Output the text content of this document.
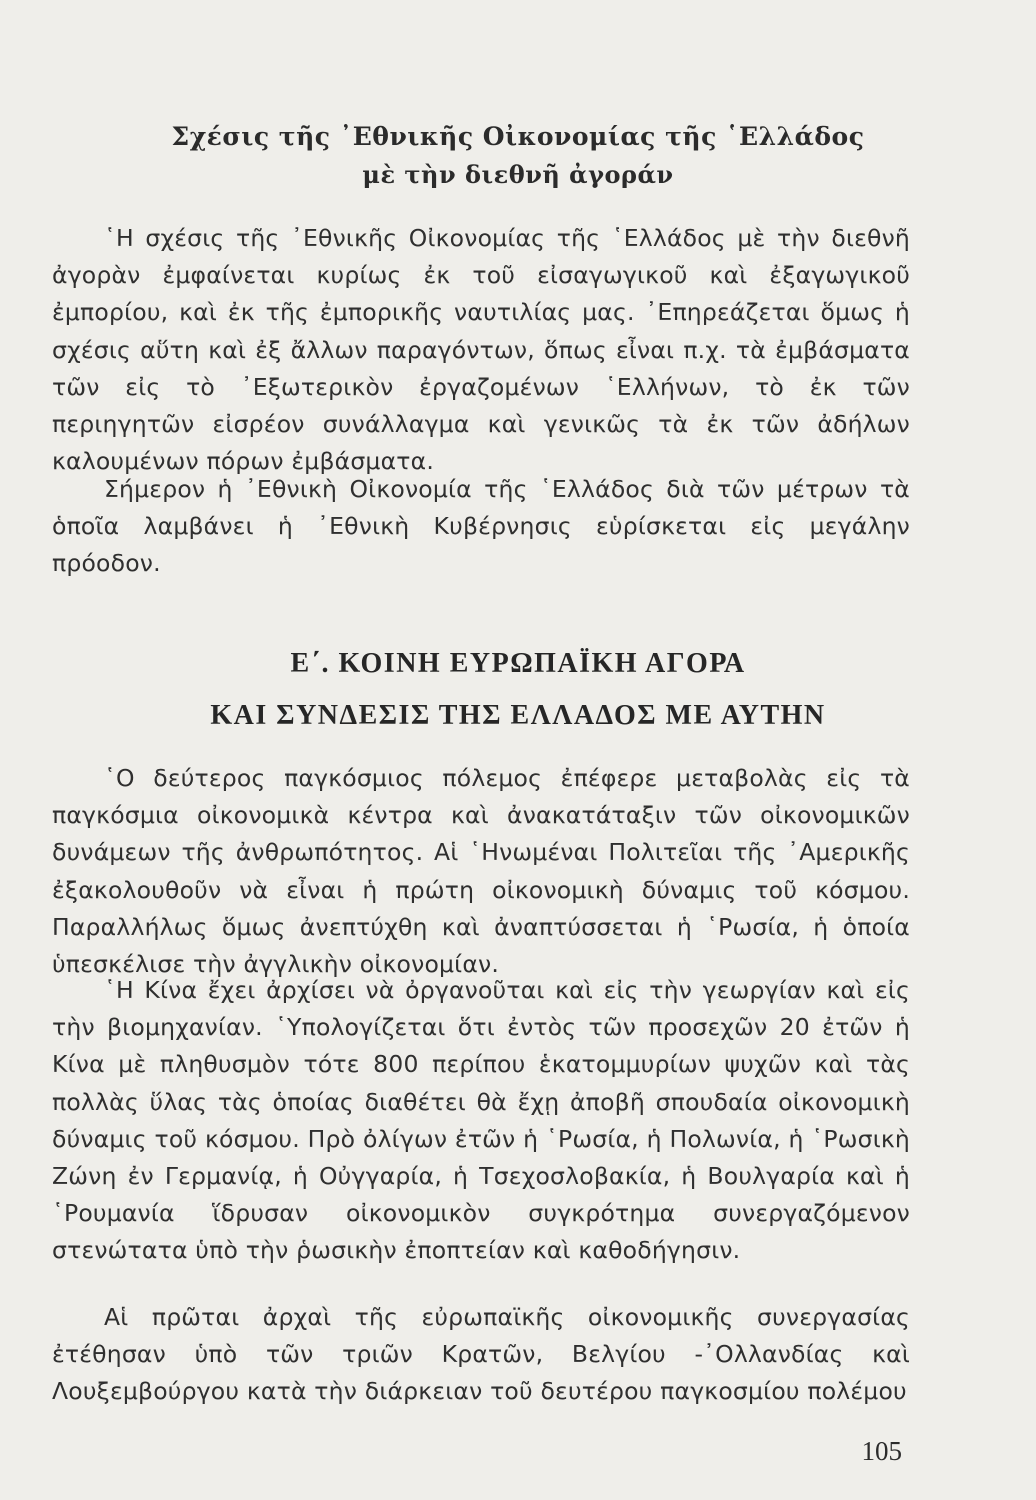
Σχέσις τῆς ᾿Εθνικῆς Οἰκονομίας τῆς ῾Ελλάδος
μὲ τὴν διεθνῆ ἀγοράν

῾Η σχέσις τῆς ᾿Εθνικῆς Οἰκονομίας τῆς ῾Ελλάδος μὲ τὴν διεθνῆ ἀγορὰν ἐμφαίνεται κυρίως ἐκ τοῦ εἰσαγωγικοῦ καὶ ἐξαγωγικοῦ ἐμπορίου, καὶ ἐκ τῆς ἐμπορικῆς ναυτιλίας μας. ᾿Επηρεάζεται ὅμως ἡ σχέσις αὕτη καὶ ἐξ ἄλλων παραγόντων, ὅπως εἶναι π.χ. τὰ ἐμβάσματα τῶν εἰς τὸ ᾿Εξωτερικὸν ἐργαζομένων ῾Ελλήνων, τὸ ἐκ τῶν περιηγητῶν εἰσρέον συνάλλαγμα καὶ γενικῶς τὰ ἐκ τῶν ἀδήλων καλουμένων πόρων ἐμβάσματα.

Σήμερον ἡ ᾿Εθνικὴ Οἰκονομία τῆς ῾Ελλάδος διὰ τῶν μέτρων τὰ ὁποῖα λαμβάνει ἡ ᾿Εθνικὴ Κυβέρνησις εὑρίσκεται εἰς μεγάλην πρόοδον.

Ε΄. ΚΟΙΝΗ ΕΥΡΩΠΑΪΚΗ ΑΓΟΡΑ
ΚΑΙ ΣΥΝΔΕΣΙΣ ΤΗΣ ΕΛΛΑΔΟΣ ΜΕ ΑΥΤΗΝ

῾Ο δεύτερος παγκόσμιος πόλεμος ἐπέφερε μεταβολὰς εἰς τὰ παγκόσμια οἰκονομικὰ κέντρα καὶ ἀνακατάταξιν τῶν οἰκονομικῶν δυνάμεων τῆς ἀνθρωπότητος. Αἱ ῾Ηνωμέναι Πολιτεῖαι τῆς ᾿Αμερικῆς ἐξακολουθοῦν νὰ εἶναι ἡ πρώτη οἰκονομικὴ δύναμις τοῦ κόσμου. Παραλλήλως ὅμως ἀνεπτύχθη καὶ ἀναπτύσσεται ἡ ῾Ρωσία, ἡ ὁποία ὑπεσκέλισε τὴν ἀγγλικὴν οἰκονομίαν.

῾Η Κίνα ἔχει ἀρχίσει νὰ ὀργανοῦται καὶ εἰς τὴν γεωργίαν καὶ εἰς τὴν βιομηχανίαν. ῾Υπολογίζεται ὅτι ἐντὸς τῶν προσεχῶν 20 ἐτῶν ἡ Κίνα μὲ πληθυσμὸν τότε 800 περίπου ἑκατομμυρίων ψυχῶν καὶ τὰς πολλὰς ὕλας τὰς ὁποίας διαθέτει θὰ ἔχῃ ἀποβῆ σπουδαία οἰκονομικὴ δύναμις τοῦ κόσμου. Πρὸ ὀλίγων ἐτῶν ἡ ῾Ρωσία, ἡ Πολωνία, ἡ ῾Ρωσικὴ Ζώνη ἐν Γερμανίᾳ, ἡ Οὐγγαρία, ἡ Τσεχοσλοβακία, ἡ Βουλγαρία καὶ ἡ ῾Ρουμανία ἵδρυσαν οἰκονομικὸν συγκρότημα συνεργαζόμενον στενώτατα ὑπὸ τὴν ῥωσικὴν ἐποπτείαν καὶ καθοδήγησιν.

Αἱ πρῶται ἀρχαὶ τῆς εὐρωπαϊκῆς οἰκονομικῆς συνεργασίας ἐτέθησαν ὑπὸ τῶν τριῶν Κρατῶν, Βελγίου -᾿Ολλανδίας καὶ Λουξεμβούργου κατὰ τὴν διάρκειαν τοῦ δευτέρου παγκοσμίου πολέμου

105
